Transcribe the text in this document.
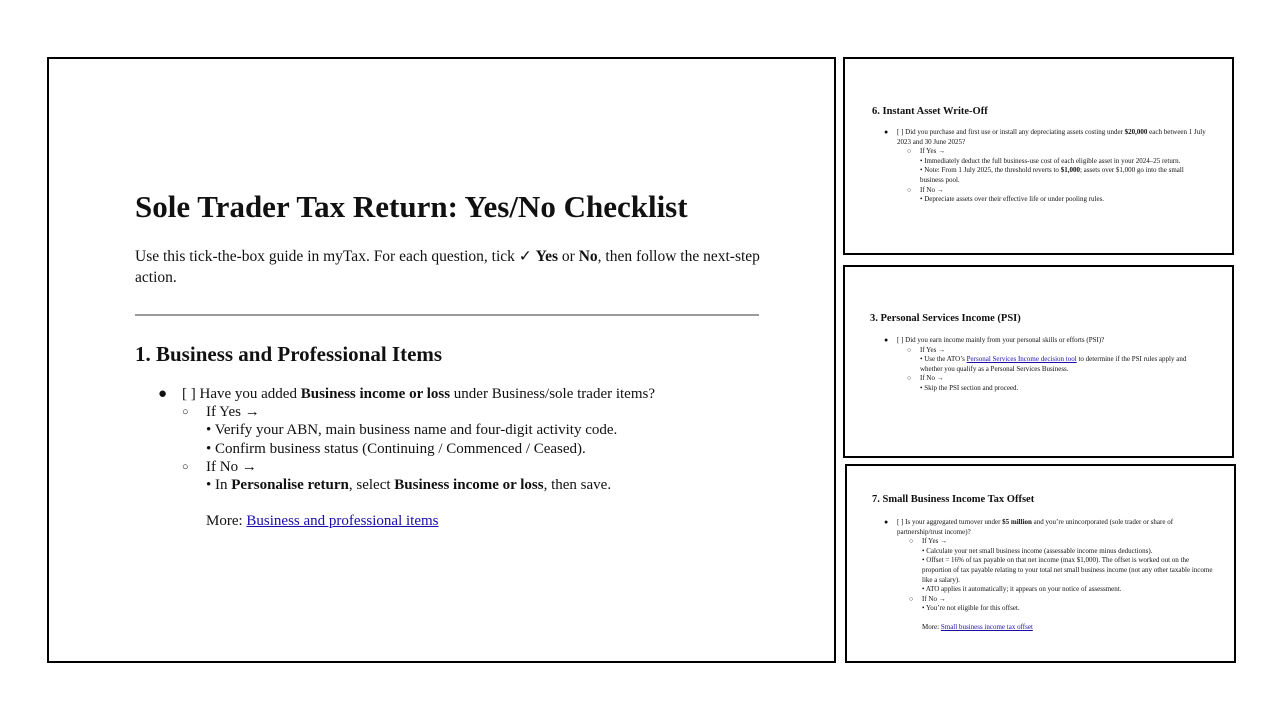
Sole Trader Tax Return: Yes/No Checklist

Use this tick-the-box guide in myTax. For each question, tick ✓ Yes or No, then follow the next-step action.

1. Business and Professional Items
● [ ] Have you added Business income or loss under Business/sole trader items?
○ If Yes →
• Verify your ABN, main business name and four-digit activity code.
• Confirm business status (Continuing / Commenced / Ceased).
○ If No →
• In Personalise return, select Business income or loss, then save.
More: Business and professional items
6. Instant Asset Write-Off
● [ ] Did you purchase and first use or install any depreciating assets costing under $20,000 each between 1 July 2023 and 30 June 2025?
○ If Yes →
• Immediately deduct the full business-use cost of each eligible asset in your 2024–25 return.
• Note: From 1 July 2025, the threshold reverts to $1,000; assets over $1,000 go into the small business pool.
○ If No →
• Depreciate assets over their effective life or under pooling rules.
3. Personal Services Income (PSI)
● [ ] Did you earn income mainly from your personal skills or efforts (PSI)?
○ If Yes →
• Use the ATO’s Personal Services Income decision tool to determine if the PSI rules apply and whether you qualify as a Personal Services Business.
○ If No →
• Skip the PSI section and proceed.
7. Small Business Income Tax Offset
● [ ] Is your aggregated turnover under $5 million and you’re unincorporated (sole trader or share of partnership/trust income)?
○ If Yes →
• Calculate your net small business income (assessable income minus deductions).
• Offset = 16% of tax payable on that net income (max $1,000). The offset is worked out on the proportion of tax payable relating to your total net small business income (not any other taxable income like a salary).
• ATO applies it automatically; it appears on your notice of assessment.
○ If No →
• You’re not eligible for this offset.
More: Small business income tax offset
